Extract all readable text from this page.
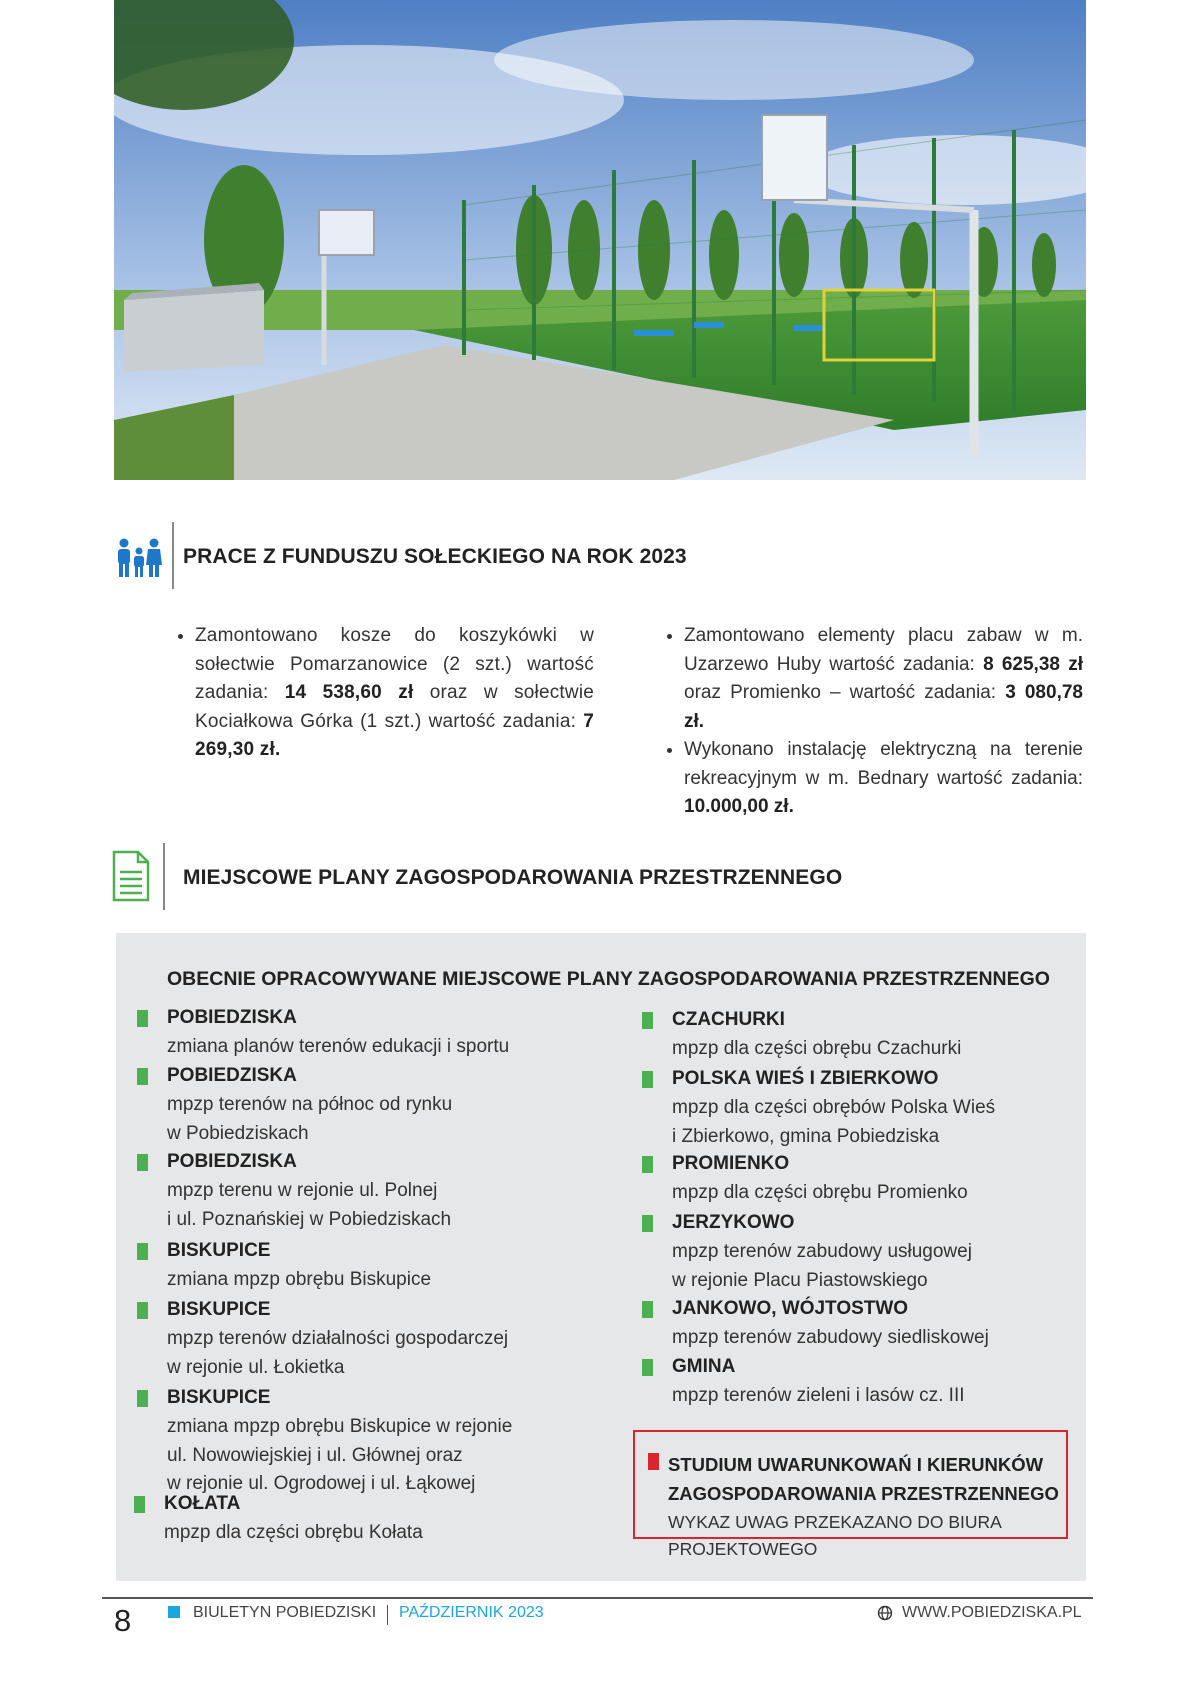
PRACE Z FUNDUSZU SOŁECKIEGO NA ROK 2023
• Zamontowano kosze do koszykówki w sołectwie Pomarzanowice (2 szt.) wartość zadania: 14 538,60 zł oraz w sołectwie Kociałkowa Górka (1 szt.) wartość zadania: 7 269,30 zł.
• Zamontowano elementy placu zabaw w m. Uzarzewo Huby wartość zadania: 8 625,38 zł oraz Promienko – wartość zadania: 3 080,78 zł.
• Wykonano instalację elektryczną na terenie rekreacyjnym w m. Bednary wartość zadania: 10.000,00 zł.
MIEJSCOWE PLANY ZAGOSPODAROWANIA PRZESTRZENNEGO
OBECNIE OPRACOWYWANE MIEJSCOWE PLANY ZAGOSPODAROWANIA PRZESTRZENNEGO
POBIEDZISKA
zmiana planów terenów edukacji i sportu
POBIEDZISKA
mpzp terenów na północ od rynku
w Pobiedziskach
POBIEDZISKA
mpzp terenu w rejonie ul. Polnej
i ul. Poznańskiej w Pobiedziskach
BISKUPICE
zmiana mpzp obrębu Biskupice
BISKUPICE
mpzp terenów działalności gospodarczej
w rejonie ul. Łokietka
BISKUPICE
zmiana mpzp obrębu Biskupice w rejonie
ul. Nowowiejskiej i ul. Głównej oraz
w rejonie ul. Ogrodowej i ul. Łąkowej
KOŁATA
mpzp dla części obrębu Kołata
CZACHURKI
mpzp dla części obrębu Czachurki
POLSKA WIEŚ I ZBIERKOWO
mpzp dla części obrębów Polska Wieś
i Zbierkowo, gmina Pobiedziska
PROMIENKO
mpzp dla części obrębu Promienko
JERZYKOWO
mpzp terenów zabudowy usługowej
w rejonie Placu Piastowskiego
JANKOWO, WÓJTOSTWO
mpzp terenów zabudowy siedliskowej
GMINA
mpzp terenów zieleni i lasów cz. III
STUDIUM UWARUNKOWAŃ I KIERUNKÓW
ZAGOSPODAROWANIA PRZESTRZENNEGO
WYKAZ UWAG PRZEKAZANO DO BIURA PROJEKTOWEGO
8	BIULETYN POBIEDZISKI PAŹDZIERNIK 2023	WWW.POBIEDZISKA.PL
